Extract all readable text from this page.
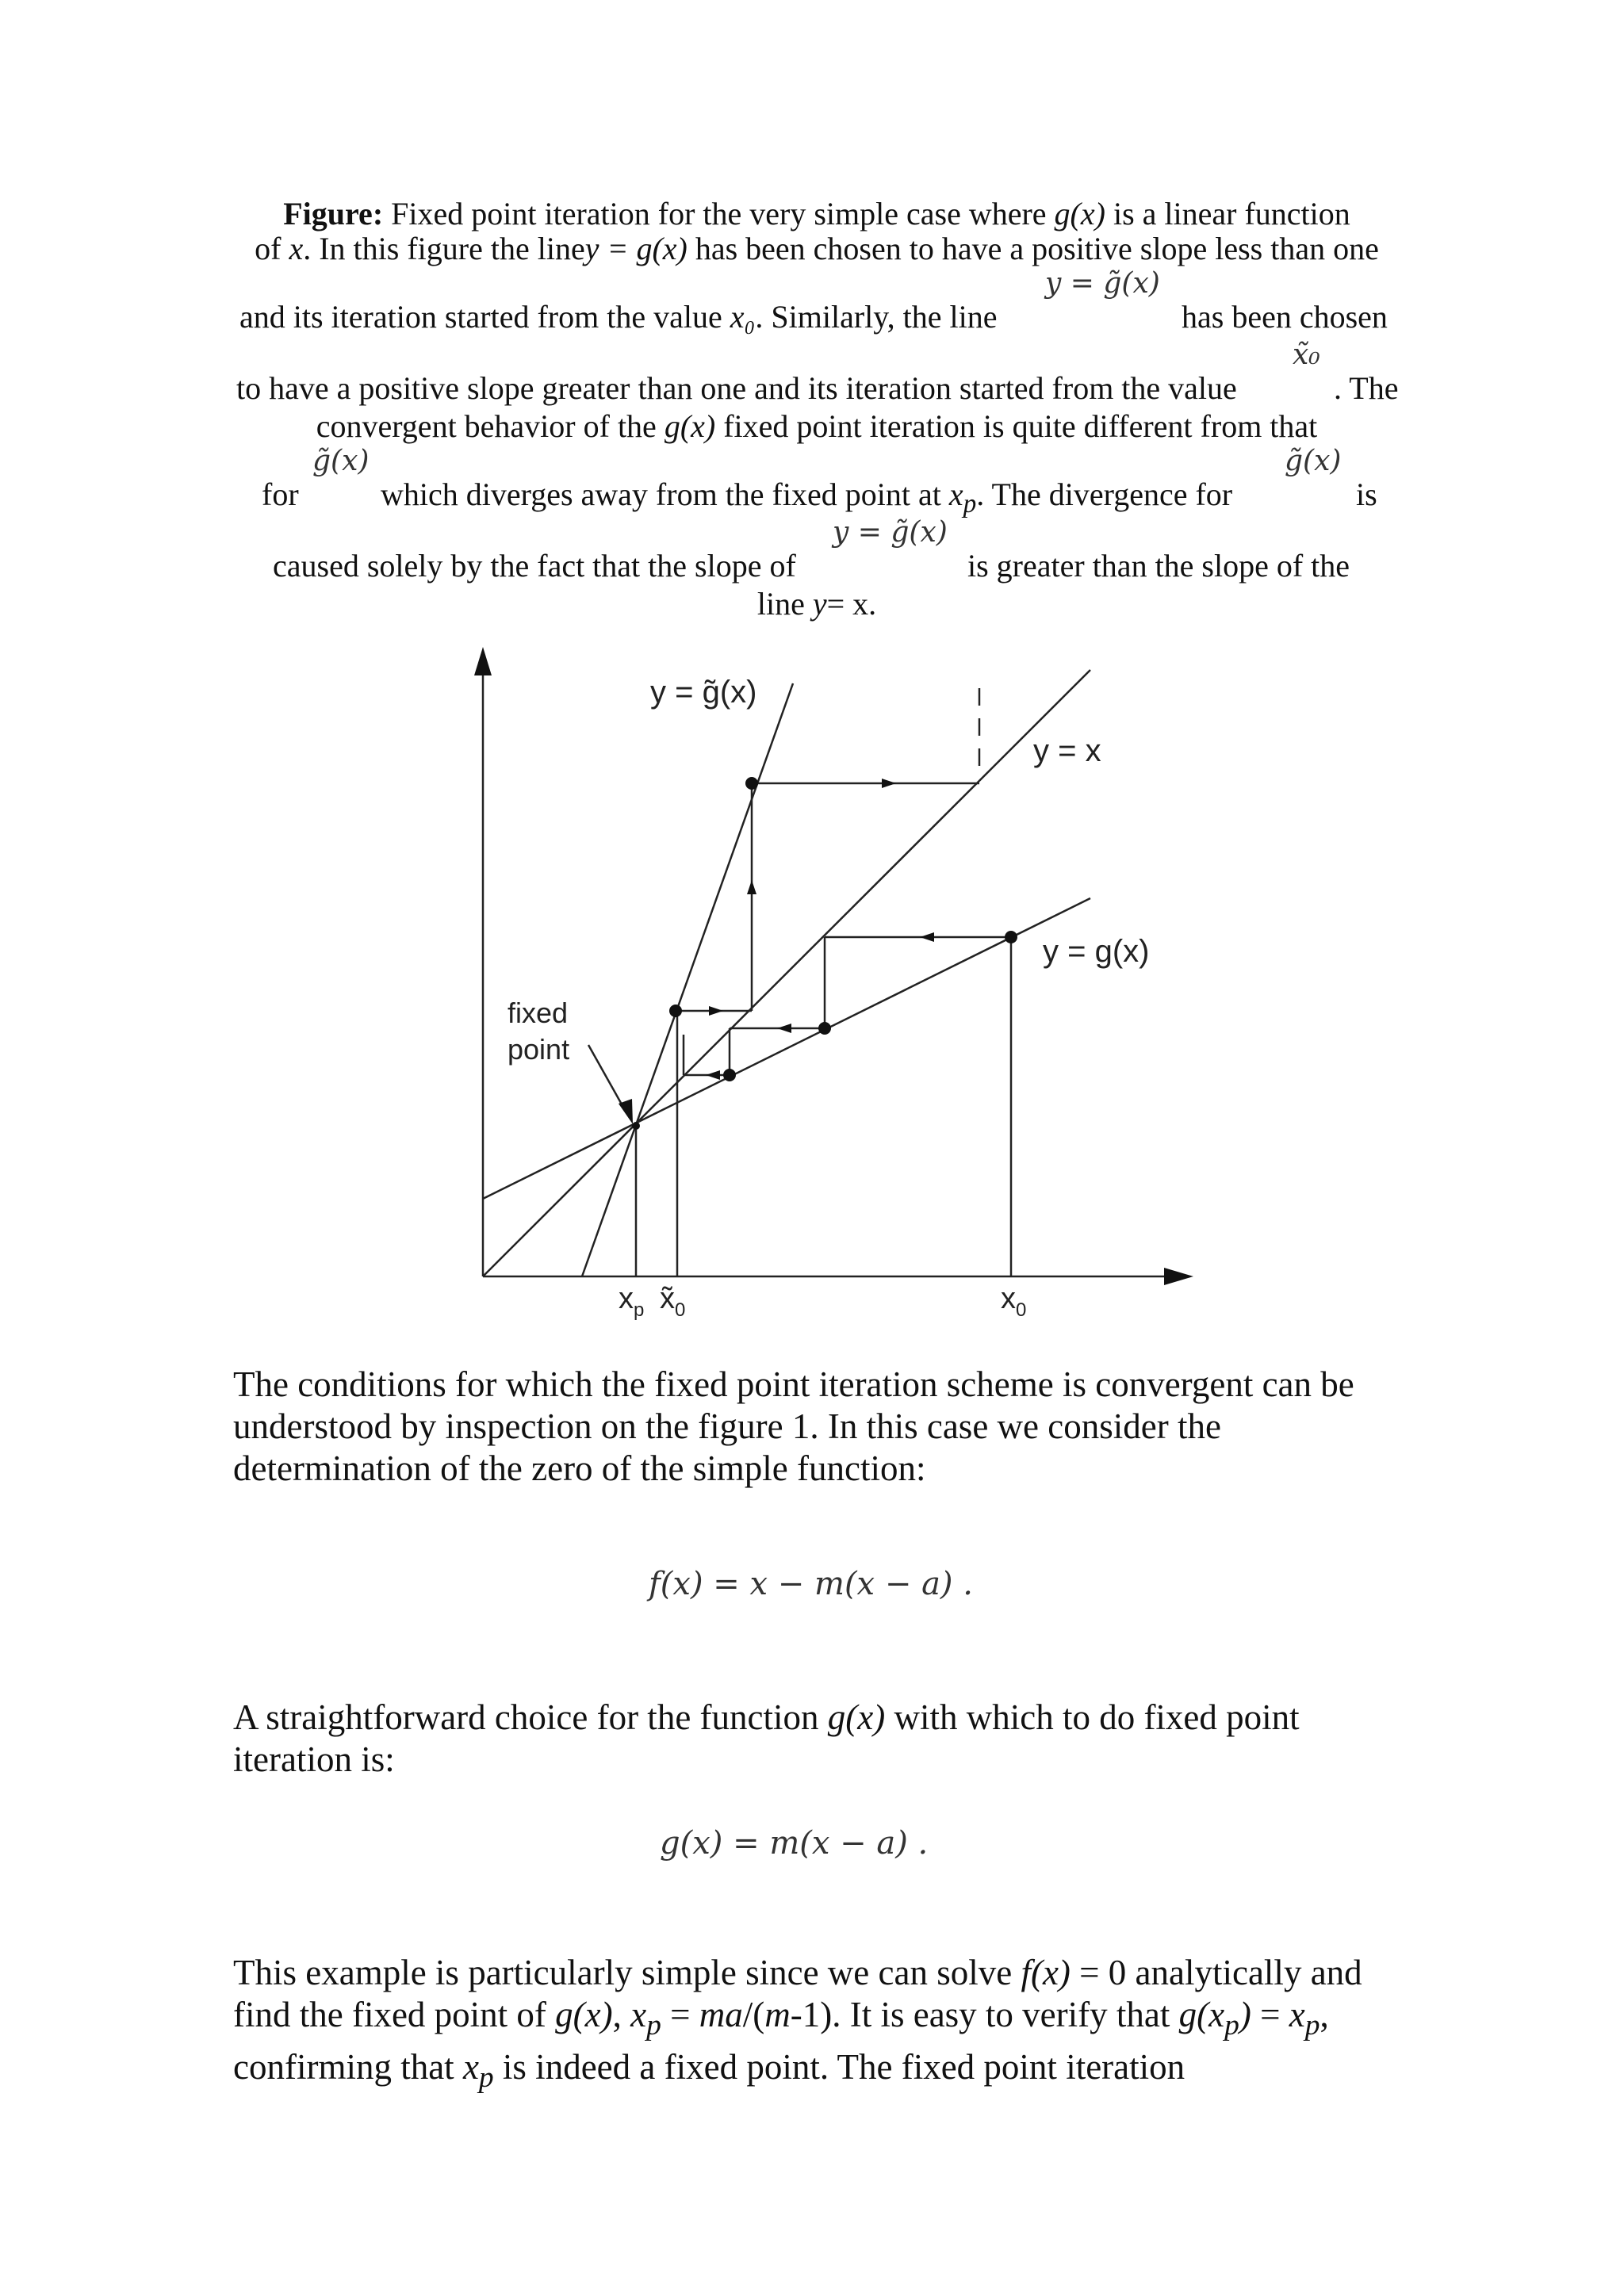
Figure: Fixed point iteration for the very simple case where g(x) is a linear function
of x. In this figure the liney = g(x) has been chosen to have a positive slope less than one
y = g̃(x)
and its iteration started from the value x₀. Similarly, the line	has been chosen
x̃₀
to have a positive slope greater than one and its iteration started from the value	. The
convergent behavior of the g(x) fixed point iteration is quite different from that
g̃(x)	g̃(x)
for	which diverges away from the fixed point at $x_p$. The divergence for	is
y = g̃(x)
caused solely by the fact that the slope of	is greater than the slope of the
line y= x.
y = g̃(x)
y = x
y = g(x)
fixed
point
$x_p$ $x̃_0$	$x_0$
The conditions for which the fixed point iteration scheme is convergent can be understood by inspection on the figure 1. In this case we consider the determination of the zero of the simple function:
f(x) = x − m(x − a) .
A straightforward choice for the function g(x) with which to do fixed point iteration is:
g(x) = m(x − a) .
This example is particularly simple since we can solve f(x) = 0 analytically and find the fixed point of g(x), $x_p = ma/(m-1)$. It is easy to verify that $g(x_p) = x_p$, confirming that $x_p$ is indeed a fixed point. The fixed point iteration
